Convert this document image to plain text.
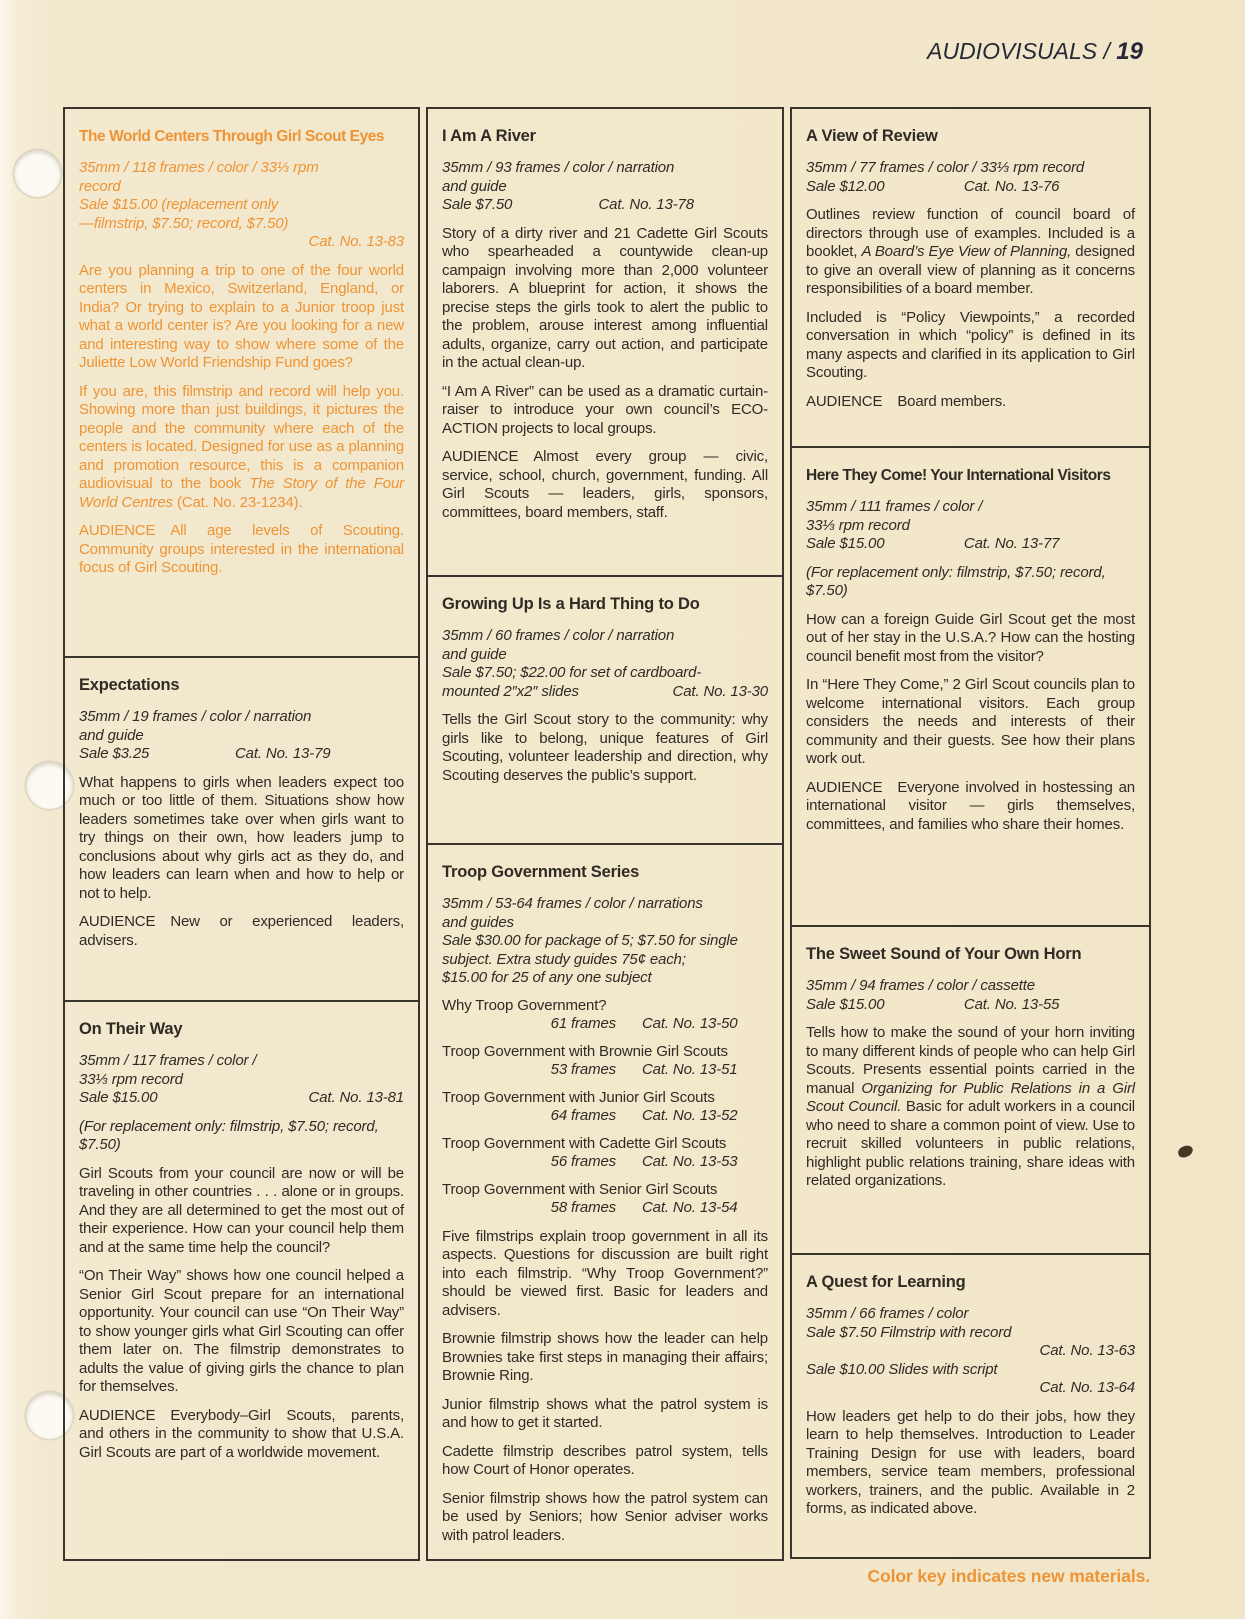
AUDIOVISUALS / 19
The World Centers Through Girl Scout Eyes
35mm / 118 frames / color / 33⅓ rpm
record
Sale $15.00 (replacement only
—filmstrip, $7.50; record, $7.50)
Cat. No. 13-83

Are you planning a trip to one of the four world centers in Mexico, Switzerland, England, or India? Or trying to explain to a Junior troop just what a world center is? Are you looking for a new and interesting way to show where some of the Juliette Low World Friendship Fund goes?

If you are, this filmstrip and record will help you. Showing more than just buildings, it pictures the people and the community where each of the centers is located. Designed for use as a planning and promotion resource, this is a companion audiovisual to the book The Story of the Four World Centres (Cat. No. 23-1234).

AUDIENCE All age levels of Scouting. Community groups interested in the international focus of Girl Scouting.

Expectations
35mm / 19 frames / color / narration
and guide
Sale $3.25	Cat. No. 13-79

What happens to girls when leaders expect too much or too little of them. Situations show how leaders sometimes take over when girls want to try things on their own, how leaders jump to conclusions about why girls act as they do, and how leaders can learn when and how to help or not to help.

AUDIENCE New or experienced leaders, advisers.

On Their Way
35mm / 117 frames / color /
33⅓ rpm record
Sale $15.00	Cat. No. 13-81
(For replacement only: filmstrip, $7.50; record, $7.50)

Girl Scouts from your council are now or will be traveling in other countries . . . alone or in groups. And they are all determined to get the most out of their experience. How can your council help them and at the same time help the council?

“On Their Way” shows how one council helped a Senior Girl Scout prepare for an international opportunity. Your council can use “On Their Way” to show younger girls what Girl Scouting can offer them later on. The filmstrip demonstrates to adults the value of giving girls the chance to plan for themselves.

AUDIENCE Everybody–Girl Scouts, parents, and others in the community to show that U.S.A. Girl Scouts are part of a worldwide movement.

I Am A River
35mm / 93 frames / color / narration
and guide
Sale $7.50	Cat. No. 13-78

Story of a dirty river and 21 Cadette Girl Scouts who spearheaded a countywide clean-up campaign involving more than 2,000 volunteer laborers. A blueprint for action, it shows the precise steps the girls took to alert the public to the problem, arouse interest among influential adults, organize, carry out action, and participate in the actual clean-up.

“I Am A River” can be used as a dramatic curtain-raiser to introduce your own council’s ECO-ACTION projects to local groups.

AUDIENCE Almost every group — civic, service, school, church, government, funding. All Girl Scouts — leaders, girls, sponsors, committees, board members, staff.

Growing Up Is a Hard Thing to Do
35mm / 60 frames / color / narration
and guide
Sale $7.50; $22.00 for set of cardboard-
mounted 2″x2″ slides	Cat. No. 13-30

Tells the Girl Scout story to the community: why girls like to belong, unique features of Girl Scouting, volunteer leadership and direction, why Scouting deserves the public’s support.

Troop Government Series
35mm / 53-64 frames / color / narrations
and guides
Sale $30.00 for package of 5; $7.50 for single
subject. Extra study guides 75¢ each;
$15.00 for 25 of any one subject
Why Troop Government?
61 frames Cat. No. 13-50
Troop Government with Brownie Girl Scouts
53 frames Cat. No. 13-51
Troop Government with Junior Girl Scouts
64 frames Cat. No. 13-52
Troop Government with Cadette Girl Scouts
56 frames Cat. No. 13-53
Troop Government with Senior Girl Scouts
58 frames Cat. No. 13-54

Five filmstrips explain troop government in all its aspects. Questions for discussion are built right into each filmstrip. “Why Troop Government?” should be viewed first. Basic for leaders and advisers.

Brownie filmstrip shows how the leader can help Brownies take first steps in managing their affairs; Brownie Ring.

Junior filmstrip shows what the patrol system is and how to get it started.

Cadette filmstrip describes patrol system, tells how Court of Honor operates.

Senior filmstrip shows how the patrol system can be used by Seniors; how Senior adviser works with patrol leaders.

A View of Review
35mm / 77 frames / color / 33⅓ rpm record
Sale $12.00	Cat. No. 13-76

Outlines review function of council board of directors through use of examples. Included is a booklet, A Board’s Eye View of Planning, designed to give an overall view of planning as it concerns responsibilities of a board member.

Included is “Policy Viewpoints,” a recorded conversation in which “policy” is defined in its many aspects and clarified in its application to Girl Scouting.

AUDIENCE Board members.

Here They Come! Your International Visitors
35mm / 111 frames / color /
33⅓ rpm record
Sale $15.00	Cat. No. 13-77
(For replacement only: filmstrip, $7.50; record, $7.50)

How can a foreign Guide Girl Scout get the most out of her stay in the U.S.A.? How can the hosting council benefit most from the visitor?

In “Here They Come,” 2 Girl Scout councils plan to welcome international visitors. Each group considers the needs and interests of their community and their guests. See how their plans work out.

AUDIENCE Everyone involved in hostessing an international visitor — girls themselves, committees, and families who share their homes.

The Sweet Sound of Your Own Horn
35mm / 94 frames / color / cassette
Sale $15.00	Cat. No. 13-55

Tells how to make the sound of your horn inviting to many different kinds of people who can help Girl Scouts. Presents essential points carried in the manual Organizing for Public Relations in a Girl Scout Council. Basic for adult workers in a council who need to share a common point of view. Use to recruit skilled volunteers in public relations, highlight public relations training, share ideas with related organizations.

A Quest for Learning
35mm / 66 frames / color
Sale $7.50 Filmstrip with record
Cat. No. 13-63
Sale $10.00 Slides with script
Cat. No. 13-64

How leaders get help to do their jobs, how they learn to help themselves. Introduction to Leader Training Design for use with leaders, board members, service team members, professional workers, trainers, and the public. Available in 2 forms, as indicated above.

Color key indicates new materials.
